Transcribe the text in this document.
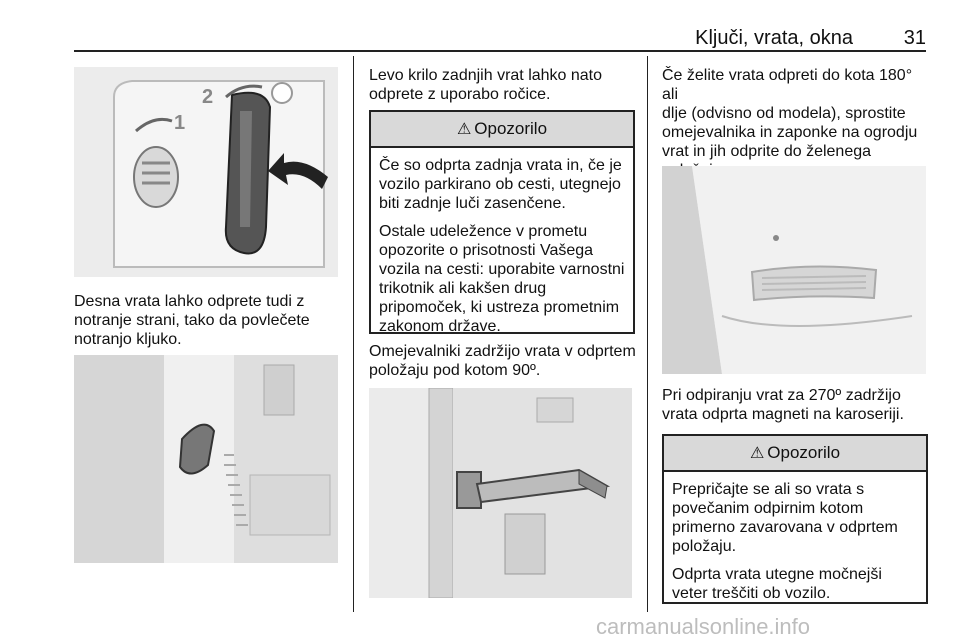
Ključi, vrata, okna	31
1
2
Desna vrata lahko odprete tudi z
notranje strani, tako da povlečete
notranjo kljuko.
Levo krilo zadnjih vrat lahko nato
odprete z uporabo ročice.
⚠ Opozorilo

Če so odprta zadnja vrata in, če je
vozilo parkirano ob cesti, utegnejo
biti zadnje luči zasenčene.

Ostale udeležence v prometu
opozorite o prisotnosti Vašega
vozila na cesti: uporabite varnostni
trikotnik ali kakšen drug
pripomoček, ki ustreza prometnim
zakonom države.

Omejevalniki zadržijo vrata v odprtem
položaju pod kotom 90º.
Če želite vrata odpreti do kota 180° ali
dlje (odvisno od modela), sprostite
omejevalnika in zaponke na ogrodju
vrat in jih odprite do želenega
Pri odpiranju vrat za 270º zadržijo
vrata odprta magneti na karoseriji.
⚠ Opozorilo

Prepričajte se ali so vrata s
povečanim odpirnim kotom
primerno zavarovana v odprtem
položaju.

Odprta vrata utegne močnejši
veter treščiti ob vozilo.

carmanualsonline.info
